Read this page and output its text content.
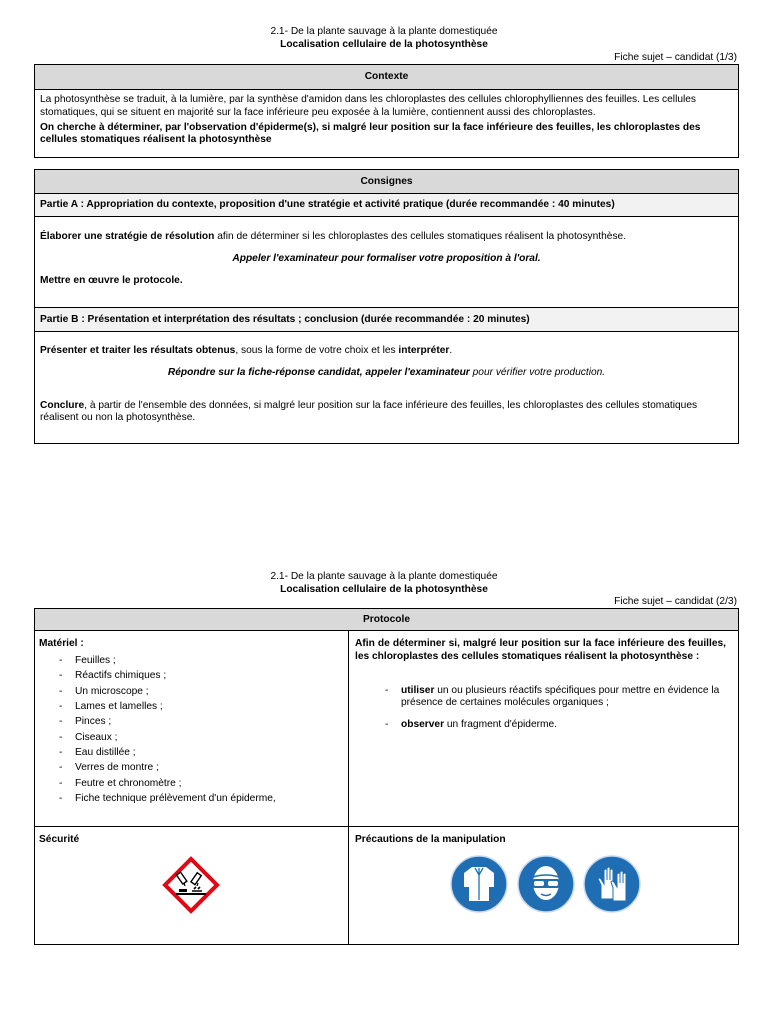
2.1- De la plante sauvage à la plante domestiquée
Localisation cellulaire de la photosynthèse
Fiche sujet – candidat (1/3)
Contexte

La photosynthèse se traduit, à la lumière, par la synthèse d'amidon dans les chloroplastes des cellules chlorophylliennes des feuilles. Les cellules stomatiques, qui se situent en majorité sur la face inférieure peu exposée à la lumière, contiennent aussi des chloroplastes.

On cherche à déterminer, par l'observation d'épiderme(s), si malgré leur position sur la face inférieure des feuilles, les chloroplastes des cellules stomatiques réalisent la photosynthèse

Consignes
Partie A : Appropriation du contexte, proposition d'une stratégie et activité pratique (durée recommandée : 40 minutes)

Élaborer une stratégie de résolution afin de déterminer si les chloroplastes des cellules stomatiques réalisent la photosynthèse.

Appeler l'examinateur pour formaliser votre proposition à l'oral.

Mettre en œuvre le protocole.

Partie B : Présentation et interprétation des résultats ; conclusion (durée recommandée : 20 minutes)

Présenter et traiter les résultats obtenus, sous la forme de votre choix et les interpréter.

Répondre sur la fiche-réponse candidat, appeler l'examinateur pour vérifier votre production.

Conclure, à partir de l'ensemble des données, si malgré leur position sur la face inférieure des feuilles, les chloroplastes des cellules stomatiques réalisent ou non la photosynthèse.

2.1- De la plante sauvage à la plante domestiquée
Localisation cellulaire de la photosynthèse
Fiche sujet – candidat (2/3)
Protocole

Matériel :

- Feuilles ;
- Réactifs chimiques ;
- Un microscope ;
- Lames et lamelles ;
- Pinces ;
- Ciseaux ;
- Eau distillée ;
- Verres de montre ;
- Feutre et chronomètre ;
- Fiche technique prélèvement d'un épiderme,

Afin de déterminer si, malgré leur position sur la face inférieure des feuilles, les chloroplastes des cellules stomatiques réalisent la photosynthèse :

- utiliser un ou plusieurs réactifs spécifiques pour mettre en évidence la présence de certaines molécules organiques ;

- observer un fragment d'épiderme.

Sécurité	Précautions de la manipulation
